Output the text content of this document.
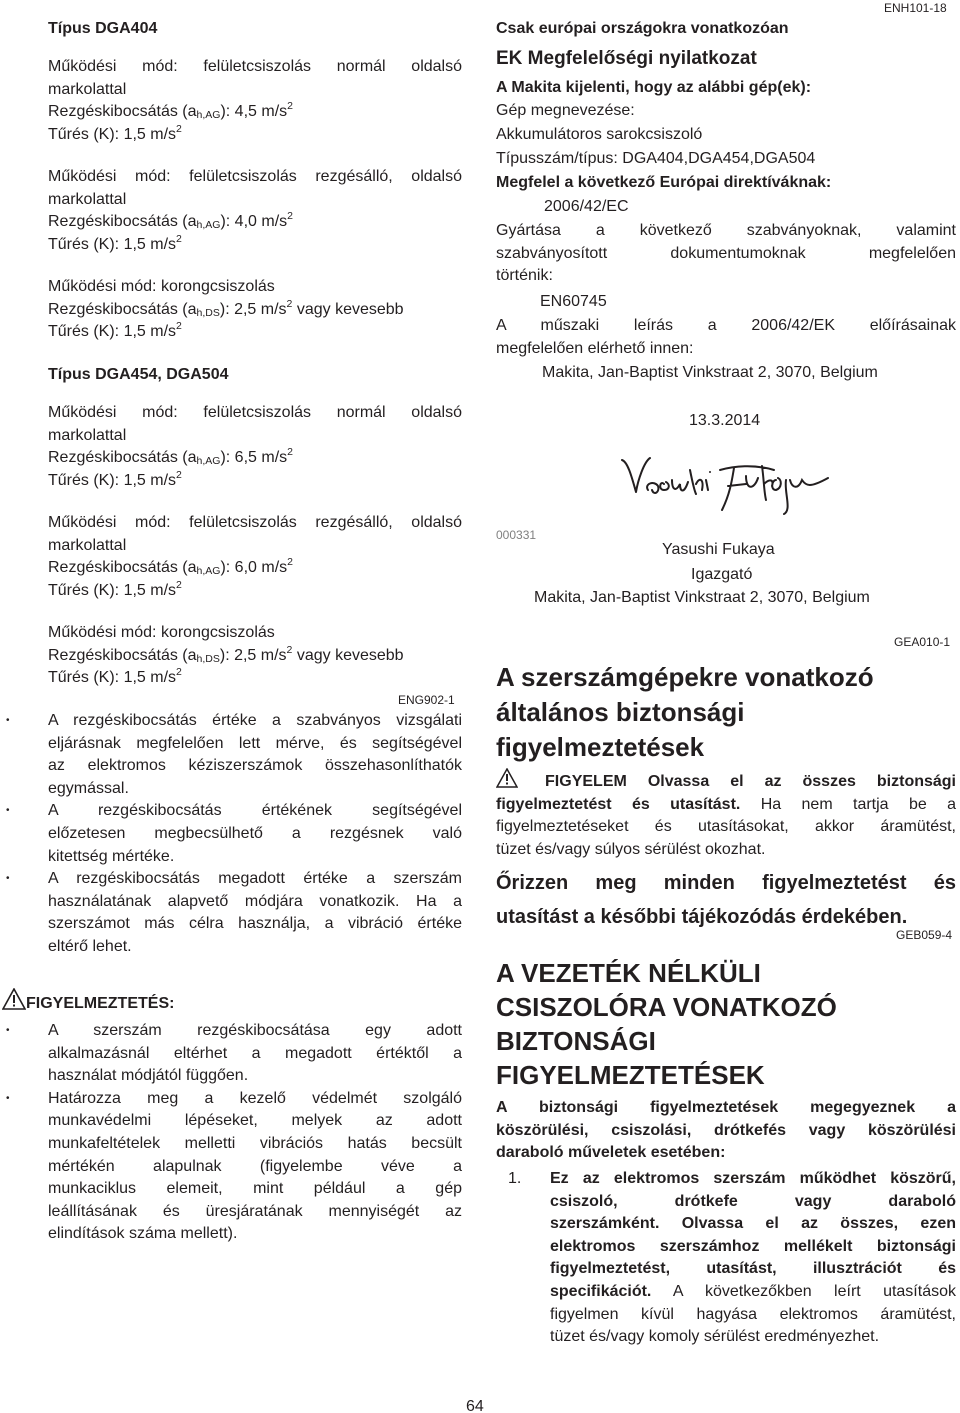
ENH101-18
Típus DGA404
Működési mód: felületcsiszolás normál oldalsó
markolattal
Rezgéskibocsátás $(a_{h,AG})$: 4,5 $m/s^2$
Tűrés (K): 1,5 $m/s^2$
Működési mód: felületcsiszolás rezgésálló, oldalsó
markolattal
Rezgéskibocsátás $(a_{h,AG})$: 4,0 $m/s^2$
Tűrés (K): 1,5 $m/s^2$
Működési mód: korongcsiszolás
Rezgéskibocsátás $(a_{h,DS})$: 2,5 $m/s^2$ vagy kevesebb
Tűrés (K): 1,5 $m/s^2$
Típus DGA454, DGA504
Működési mód: felületcsiszolás normál oldalsó
markolattal
Rezgéskibocsátás $(a_{h,AG})$: 6,5 $m/s^2$
Tűrés (K): 1,5 $m/s^2$
Működési mód: felületcsiszolás rezgésálló, oldalsó
markolattal
Rezgéskibocsátás $(a_{h,AG})$: 6,0 $m/s^2$
Tűrés (K): 1,5 $m/s^2$
Működési mód: korongcsiszolás
Rezgéskibocsátás $(a_{h,DS})$: 2,5 $m/s^2$ vagy kevesebb
Tűrés (K): 1,5 $m/s^2$
ENG902-1
• A rezgéskibocsátás értéke a szabványos vizsgálati
eljárásnak megfelelően lett mérve, és segítségével
az elektromos kéziszerszámok összehasonlíthatók
egymással.
• A rezgéskibocsátás értékének segítségével
előzetesen megbecsülhető a rezgésnek való
kitettség mértéke.
• A rezgéskibocsátás megadott értéke a szerszám
használatának alapvető módjára vonatkozik. Ha a
szerszámot más célra használja, a vibráció értéke
eltérő lehet.
FIGYELMEZTETÉS:
• A szerszám rezgéskibocsátása egy adott
alkalmazásnál eltérhet a megadott értéktől a
használat módjától függően.
• Határozza meg a kezelő védelmét szolgáló
munkavédelmi lépéseket, melyek az adott
munkafeltételek melletti vibrációs hatás becsült
mértékén alapulnak (figyelembe véve a
munkaciklus elemeit, mint például a gép
leállításának és üresjáratának mennyiségét az
elindítások száma mellett).
Csak európai országokra vonatkozóan
EK Megfelelőségi nyilatkozat
A Makita kijelenti, hogy az alábbi gép(ek):
Gép megnevezése:
Akkumulátoros sarokcsiszoló
Típusszám/típus: DGA404,DGA454,DGA504
Megfelel a következő Európai direktíváknak:
2006/42/EC
Gyártása a következő szabványoknak, valamint
szabványosított dokumentumoknak megfelelően
történik:
EN60745
A műszaki leírás a 2006/42/EK előírásainak
megfelelően elérhető innen:
Makita, Jan-Baptist Vinkstraat 2, 3070, Belgium
13.3.2014
000331
Yasushi Fukaya
Igazgató
Makita, Jan-Baptist Vinkstraat 2, 3070, Belgium
GEA010-1
A szerszámgépekre vonatkozó
általános biztonsági
figyelmeztetések
FIGYELEM Olvassa el az összes biztonsági
figyelmeztetést és utasítást. Ha nem tartja be a
figyelmeztetéseket és utasításokat, akkor áramütést,
tüzet és/vagy súlyos sérülést okozhat.
Őrizzen meg minden figyelmeztetést és
utasítást a későbbi tájékozódás érdekében.
GEB059-4
A VEZETÉK NÉLKÜLI
CSISZOLÓRA VONATKOZÓ
BIZTONSÁGI
FIGYELMEZTETÉSEK
A biztonsági figyelmeztetések megegyeznek a
köszörülési, csiszolási, drótkefés vagy köszörülési
daraboló műveletek esetében:
1. Ez az elektromos szerszám működhet köszörű,
csiszoló, drótkefe vagy daraboló
szerszámként. Olvassa el az összes, ezen
elektromos szerszámhoz mellékelt biztonsági
figyelmeztetést, utasítást, illusztrációt és
specifikációt. A következőkben leírt utasítások
figyelmen kívül hagyása elektromos áramütést,
tüzet és/vagy komoly sérülést eredményezhet.
64
